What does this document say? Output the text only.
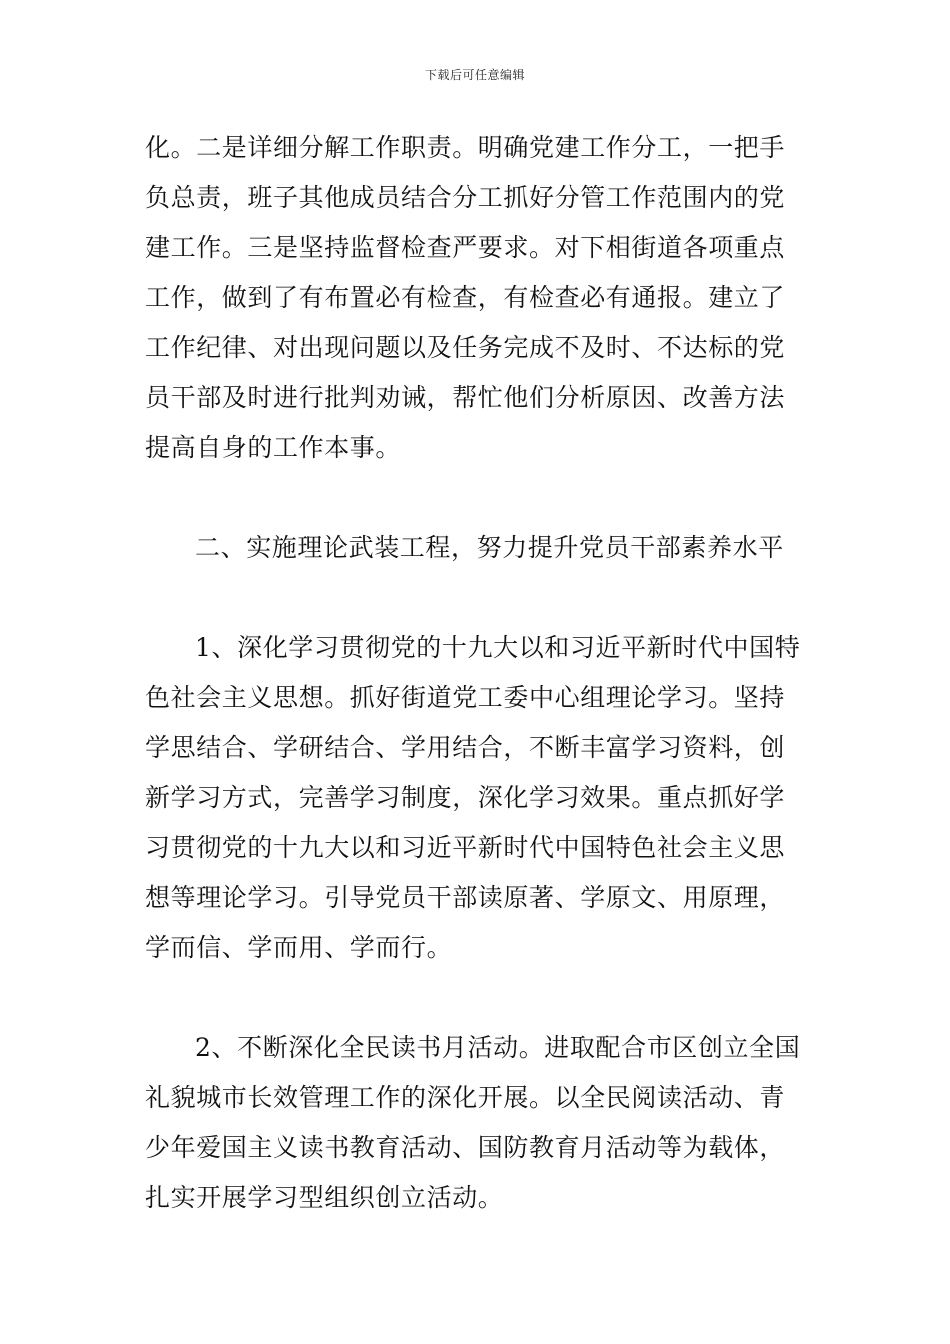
下载后可任意编辑
化。二是详细分解工作职责。明确党建工作分工，一把手
负总责，班子其他成员结合分工抓好分管工作范围内的党
建工作。三是坚持监督检查严要求。对下相街道各项重点
工作，做到了有布置必有检查，有检查必有通报。建立了
工作纪律、对出现问题以及任务完成不及时、不达标的党
员干部及时进行批判劝诫，帮忙他们分析原因、改善方法
提高自身的工作本事。
二、实施理论武装工程，努力提升党员干部素养水平
1、深化学习贯彻党的十九大以和习近平新时代中国特
色社会主义思想。抓好街道党工委中心组理论学习。坚持
学思结合、学研结合、学用结合，不断丰富学习资料，创
新学习方式，完善学习制度，深化学习效果。重点抓好学
习贯彻党的十九大以和习近平新时代中国特色社会主义思
想等理论学习。引导党员干部读原著、学原文、用原理，
学而信、学而用、学而行。
2、不断深化全民读书月活动。进取配合市区创立全国
礼貌城市长效管理工作的深化开展。以全民阅读活动、青
少年爱国主义读书教育活动、国防教育月活动等为载体，
扎实开展学习型组织创立活动。
